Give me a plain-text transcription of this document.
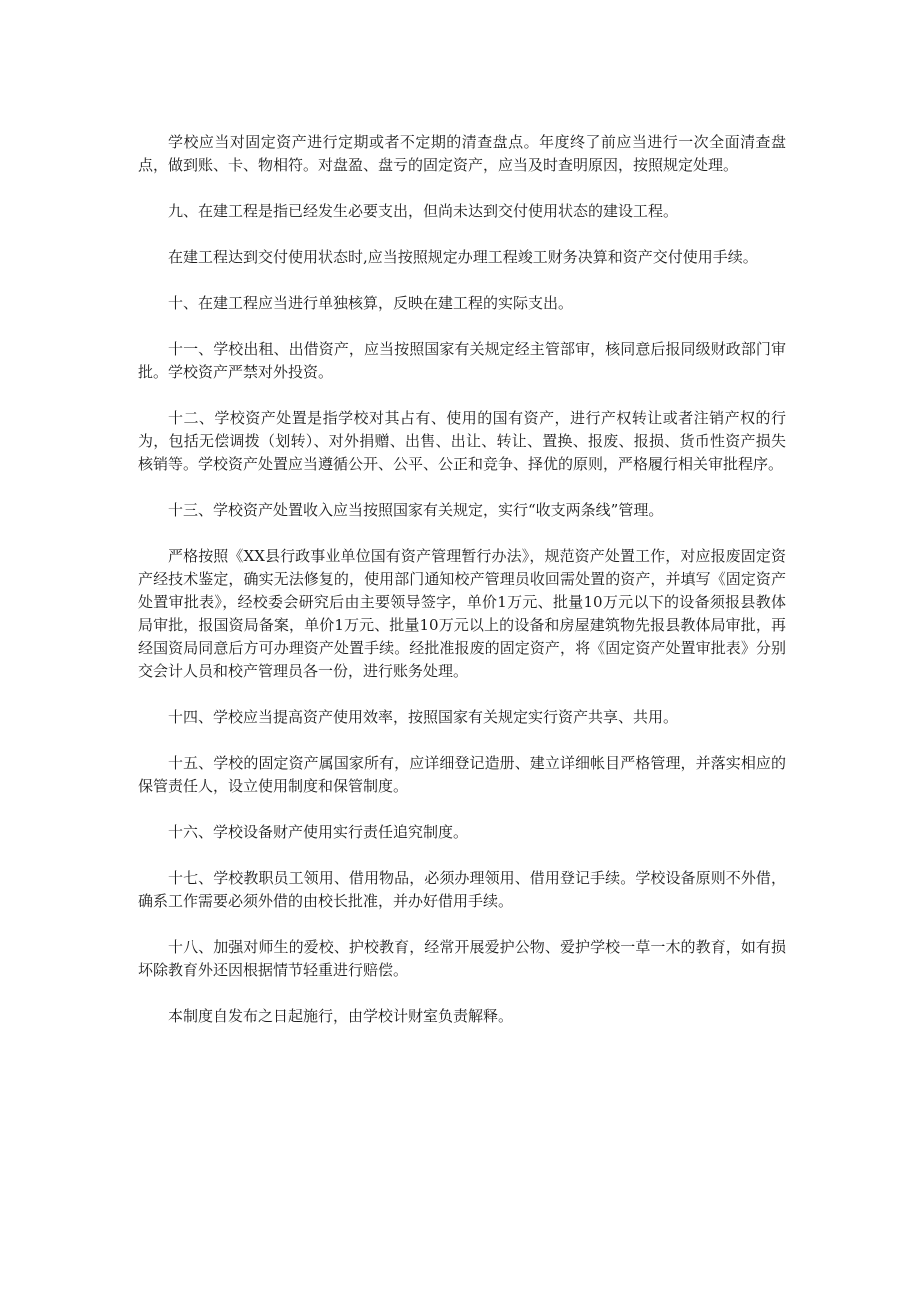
学校应当对固定资产进行定期或者不定期的清查盘点。年度终了前应当进行一次全面清查盘点，做到账、卡、物相符。对盘盈、盘亏的固定资产，应当及时查明原因，按照规定处理。

九、在建工程是指已经发生必要支出，但尚未达到交付使用状态的建设工程。

在建工程达到交付使用状态时,应当按照规定办理工程竣工财务决算和资产交付使用手续。

十、在建工程应当进行单独核算，反映在建工程的实际支出。

十一、学校出租、出借资产，应当按照国家有关规定经主管部审，核同意后报同级财政部门审批。学校资产严禁对外投资。

十二、学校资产处置是指学校对其占有、使用的国有资产，进行产权转让或者注销产权的行为，包括无偿调拨（划转）、对外捐赠、出售、出让、转让、置换、报废、报损、货币性资产损失核销等。学校资产处置应当遵循公开、公平、公正和竞争、择优的原则，严格履行相关审批程序。

十三、学校资产处置收入应当按照国家有关规定，实行“收支两条线”管理。

严格按照《XX县行政事业单位国有资产管理暂行办法》，规范资产处置工作，对应报废固定资产经技术鉴定，确实无法修复的，使用部门通知校产管理员收回需处置的资产，并填写《固定资产处置审批表》，经校委会研究后由主要领导签字，单价1万元、批量10万元以下的设备须报县教体局审批，报国资局备案，单价1万元、批量10万元以上的设备和房屋建筑物先报县教体局审批，再经国资局同意后方可办理资产处置手续。经批准报废的固定资产，将《固定资产处置审批表》分别交会计人员和校产管理员各一份，进行账务处理。

十四、学校应当提高资产使用效率，按照国家有关规定实行资产共享、共用。

十五、学校的固定资产属国家所有，应详细登记造册、建立详细帐目严格管理，并落实相应的保管责任人，设立使用制度和保管制度。

十六、学校设备财产使用实行责任追究制度。

十七、学校教职员工领用、借用物品，必须办理领用、借用登记手续。学校设备原则不外借，确系工作需要必须外借的由校长批准，并办好借用手续。

十八、加强对师生的爱校、护校教育，经常开展爱护公物、爱护学校一草一木的教育，如有损坏除教育外还因根据情节轻重进行赔偿。

本制度自发布之日起施行，由学校计财室负责解释。
